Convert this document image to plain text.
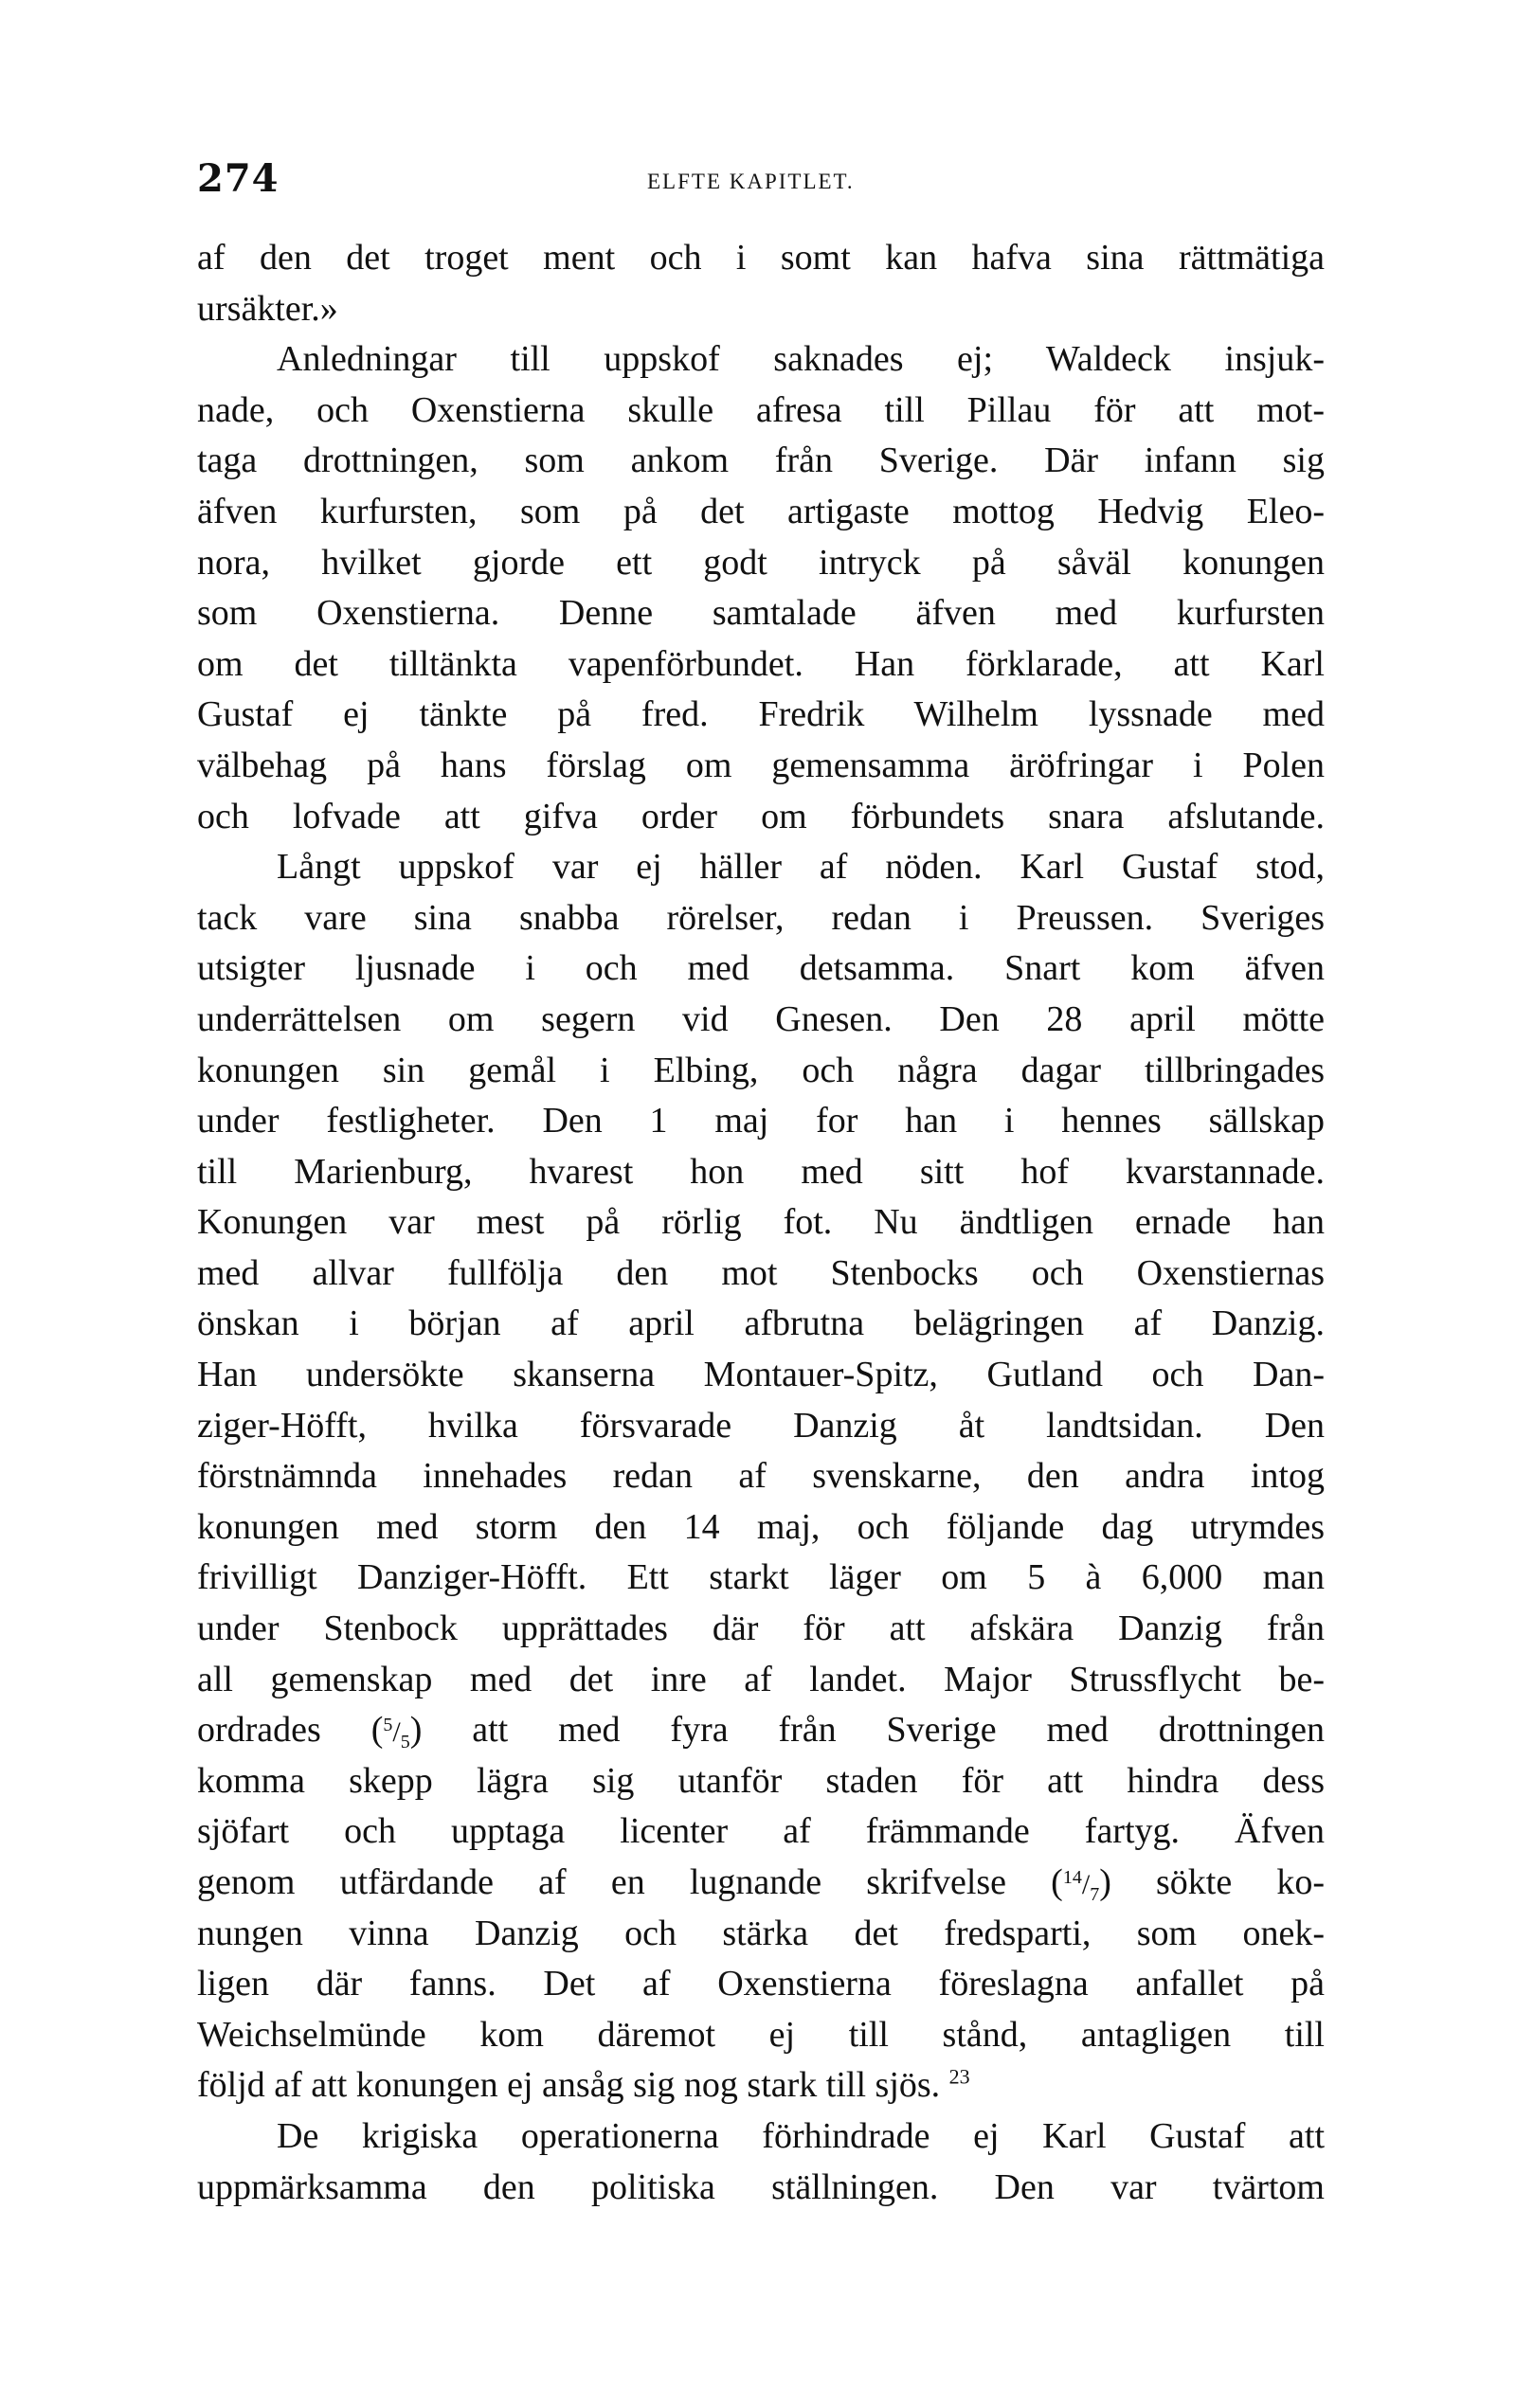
274	ELFTE KAPITLET.
af den det troget ment och i somt kan hafva sina rättmätiga
ursäkter.»
Anledningar till uppskof saknades ej; Waldeck insjuk-
nade, och Oxenstierna skulle afresa till Pillau för att mot-
taga drottningen, som ankom från Sverige. Där infann sig
äfven kurfursten, som på det artigaste mottog Hedvig Eleo-
nora, hvilket gjorde ett godt intryck på såväl konungen
som Oxenstierna. Denne samtalade äfven med kurfursten
om det tilltänkta vapenförbundet. Han förklarade, att Karl
Gustaf ej tänkte på fred. Fredrik Wilhelm lyssnade med
välbehag på hans förslag om gemensamma äröfringar i Polen
och lofvade att gifva order om förbundets snara afslutande.
Långt uppskof var ej häller af nöden. Karl Gustaf stod,
tack vare sina snabba rörelser, redan i Preussen. Sveriges
utsigter ljusnade i och med detsamma. Snart kom äfven
underrättelsen om segern vid Gnesen. Den 28 april mötte
konungen sin gemål i Elbing, och några dagar tillbringades
under festligheter. Den 1 maj for han i hennes sällskap
till Marienburg, hvarest hon med sitt hof kvarstannade.
Konungen var mest på rörlig fot. Nu ändtligen ernade han
med allvar fullfölja den mot Stenbocks och Oxenstiernas
önskan i början af april afbrutna belägringen af Danzig.
Han undersökte skanserna Montauer-Spitz, Gutland och Dan-
ziger-Höfft, hvilka försvarade Danzig åt landtsidan. Den
förstnämnda innehades redan af svenskarne, den andra intog
konungen med storm den 14 maj, och följande dag utrymdes
frivilligt Danziger-Höfft. Ett starkt läger om 5 à 6,000 man
under Stenbock upprättades där för att afskära Danzig från
all gemenskap med det inre af landet. Major Strussflycht be-
ordrades $(^5/_5)$ att med fyra från Sverige med drottningen
komma skepp lägra sig utanför staden för att hindra dess
sjöfart och upptaga licenter af främmande fartyg. Äfven
genom utfärdande af en lugnande skrifvelse $(^{14}/_7)$ sökte ko-
nungen vinna Danzig och stärka det fredsparti, som onek-
ligen där fanns. Det af Oxenstierna föreslagna anfallet på
Weichselmünde kom däremot ej till stånd, antagligen till
följd af att konungen ej ansåg sig nog stark till sjös. $^{23}$
De krigiska operationerna förhindrade ej Karl Gustaf att
uppmärksamma den politiska ställningen. Den var tvärtom
